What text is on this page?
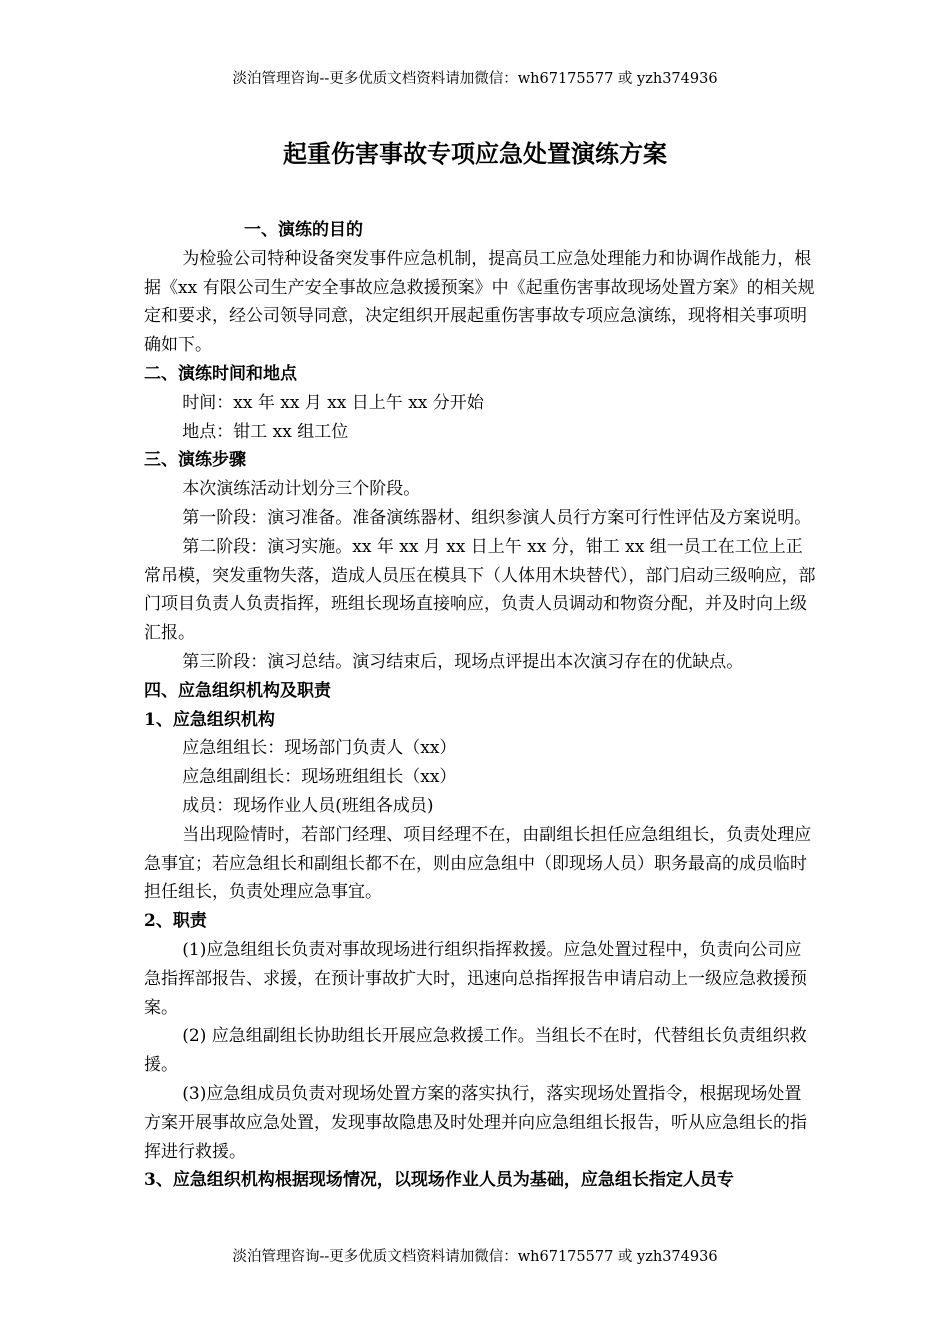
淡泊管理咨询--更多优质文档资料请加微信：wh67175577 或 yzh374936
起重伤害事故专项应急处置演练方案

一、演练的目的

为检验公司特种设备突发事件应急机制，提高员工应急处理能力和协调作战能力，根据《xx 有限公司生产安全事故应急救援预案》中《起重伤害事故现场处置方案》的相关规定和要求，经公司领导同意，决定组织开展起重伤害事故专项应急演练，现将相关事项明确如下。

二、演练时间和地点

时间：xx 年 xx 月 xx 日上午 xx 分开始

地点：钳工 xx 组工位

三、演练步骤

本次演练活动计划分三个阶段。

第一阶段：演习准备。准备演练器材、组织参演人员行方案可行性评估及方案说明。

第二阶段：演习实施。xx 年 xx 月 xx 日上午 xx 分，钳工 xx 组一员工在工位上正常吊模，突发重物失落，造成人员压在模具下（人体用木块替代），部门启动三级响应，部门项目负责人负责指挥，班组长现场直接响应，负责人员调动和物资分配，并及时向上级汇报。

第三阶段：演习总结。演习结束后，现场点评提出本次演习存在的优缺点。

四、应急组织机构及职责

1、应急组织机构

应急组组长：现场部门负责人（xx）

应急组副组长：现场班组组长（xx）

成员：现场作业人员(班组各成员)

当出现险情时，若部门经理、项目经理不在，由副组长担任应急组组长，负责处理应急事宜；若应急组长和副组长都不在，则由应急组中（即现场人员）职务最高的成员临时担任组长，负责处理应急事宜。

2、职责

(1)应急组组长负责对事故现场进行组织指挥救援。应急处置过程中，负责向公司应急指挥部报告、求援，在预计事故扩大时，迅速向总指挥报告申请启动上一级应急救援预案。

(2) 应急组副组长协助组长开展应急救援工作。当组长不在时，代替组长负责组织救援。

(3)应急组成员负责对现场处置方案的落实执行，落实现场处置指令，根据现场处置方案开展事故应急处置，发现事故隐患及时处理并向应急组组长报告，听从应急组长的指挥进行救援。

3、应急组织机构根据现场情况，以现场作业人员为基础，应急组长指定人员专

淡泊管理咨询--更多优质文档资料请加微信：wh67175577 或 yzh374936
